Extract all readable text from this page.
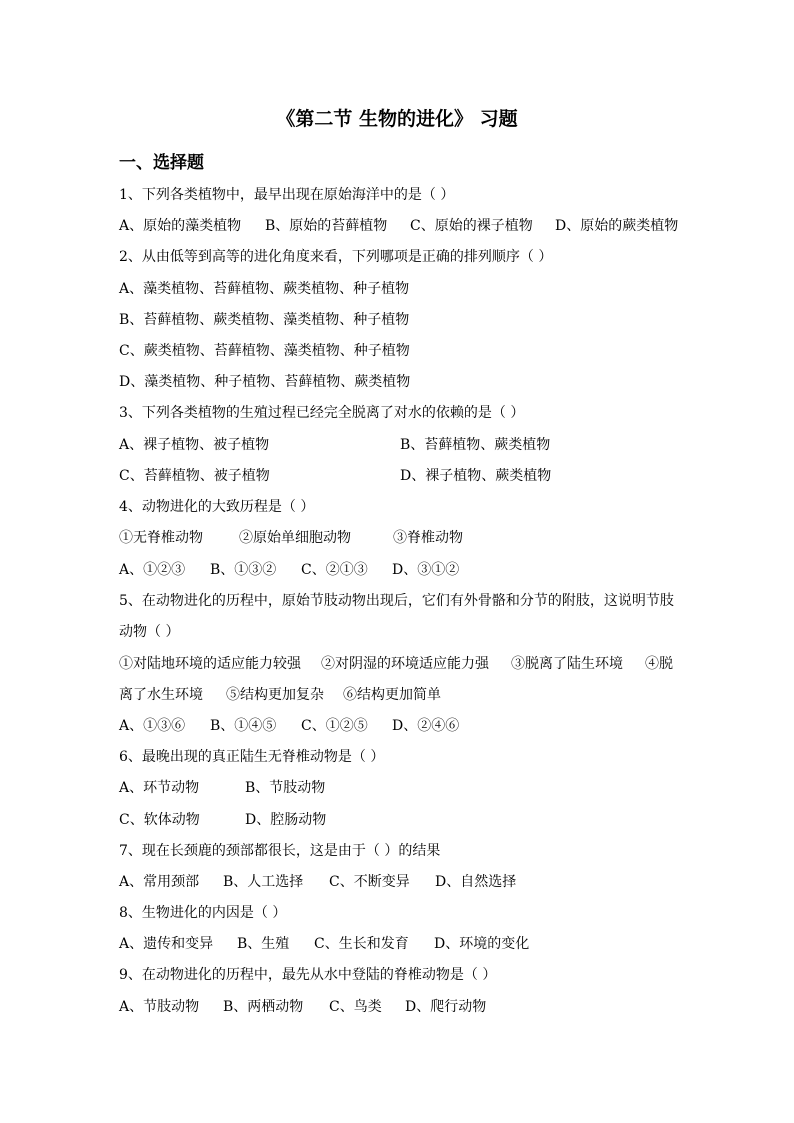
《第二节 生物的进化》 习题
一、选择题
1、下列各类植物中，最早出现在原始海洋中的是（ ）
A、原始的藻类植物 B、原始的苔藓植物 C、原始的裸子植物 D、原始的蕨类植物
2、从由低等到高等的进化角度来看，下列哪项是正确的排列顺序（ ）
A、藻类植物、苔藓植物、蕨类植物、种子植物
B、苔藓植物、蕨类植物、藻类植物、种子植物
C、蕨类植物、苔藓植物、藻类植物、种子植物
D、藻类植物、种子植物、苔藓植物、蕨类植物
3、下列各类植物的生殖过程已经完全脱离了对水的依赖的是（ ）
A、裸子植物、被子植物	B、苔藓植物、蕨类植物
C、苔藓植物、被子植物	D、裸子植物、蕨类植物
4、动物进化的大致历程是（ ）
①无脊椎动物	②原始单细胞动物	③脊椎动物
A、①②③ B、①③② C、②①③ D、③①②
5、在动物进化的历程中，原始节肢动物出现后，它们有外骨骼和分节的附肢，这说明节肢
动物（ ）
①对陆地环境的适应能力较强 ②对阴湿的环境适应能力强 ③脱离了陆生环境 ④脱
离了水生环境 ⑤结构更加复杂 ⑥结构更加简单
A、①③⑥ B、①④⑤ C、①②⑤ D、②④⑥
6、最晚出现的真正陆生无脊椎动物是（ ）
A、环节动物	B、节肢动物
C、软体动物	D、腔肠动物
7、现在长颈鹿的颈部都很长，这是由于（ ）的结果
A、常用颈部 B、人工选择 C、不断变异 D、自然选择
8、生物进化的内因是（ ）
A、遗传和变异 B、生殖 C、生长和发育 D、环境的变化
9、在动物进化的历程中，最先从水中登陆的脊椎动物是（ ）
A、节肢动物 B、两栖动物 C、鸟类 D、爬行动物
